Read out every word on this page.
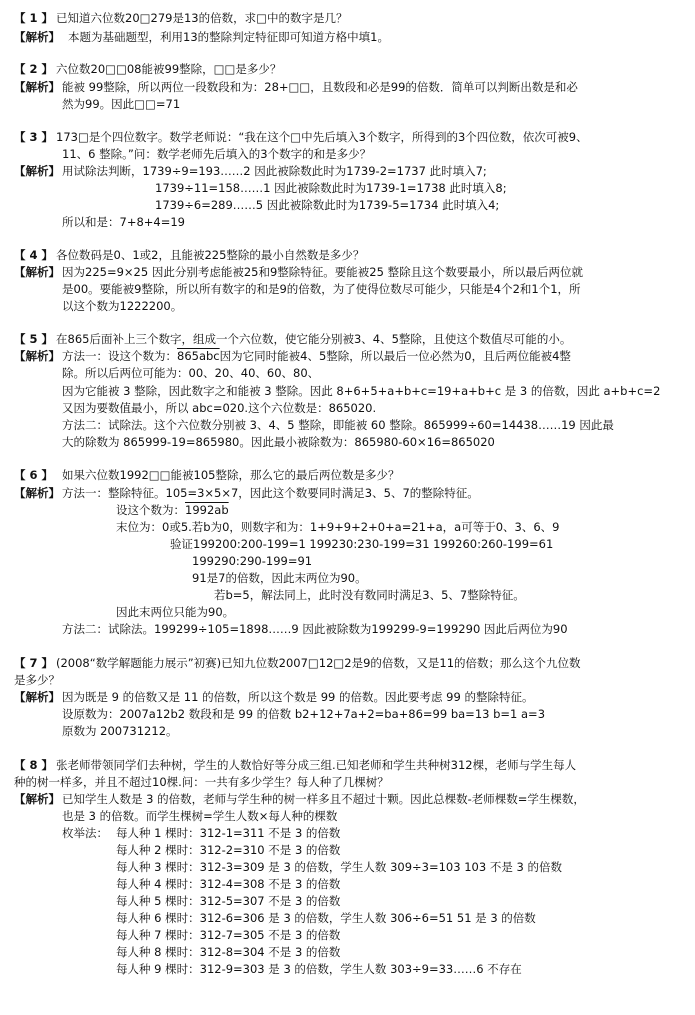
【 1 】 已知道六位数20□279是13的倍数，求□中的数字是几？
【解析】 本题为基础题型，利用13的整除判定特征即可知道方格中填1。
【 2 】 六位数20□□08能被99整除，□□是多少？
【解析】 能被 99整除，所以两位一段数段和为：28+□□，且数段和必是99的倍数．简单可以判断出数是和必
然为99。因此□□=71
【 3 】 173□是个四位数字。数学老师说：“我在这个□中先后填入3个数字，所得到的3个四位数，依次可被9、
11、6 整除。”问：数学老师先后填入的3个数字的和是多少？
【解析】 用试除法判断，1739÷9=193……2 因此被除数此时为1739-2=1737 此时填入7;
1739÷11=158……1 因此被除数此时为1739-1=1738 此时填入8;
1739÷6=289……5 因此被除数此时为1739-5=1734 此时填入4;
所以和是：7+8+4=19
【 4 】 各位数码是0、1或2，且能被225整除的最小自然数是多少？
【解析】 因为225=9×25 因此分别考虑能被25和9整除特征。要能被25 整除且这个数要最小，所以最后两位就
是00。要能被9整除，所以所有数字的和是9的倍数，为了使得位数尽可能少，只能是4个2和1个1，所
以这个数为1222200。
【 5 】 在865后面补上三个数字，组成一个六位数，使它能分别被3、4、5整除，且使这个数值尽可能的小。
【解析】 方法一：设这个数为：865abc因为它同时能被4、5整除，所以最后一位必然为0，且后两位能被4整
除。所以后两位可能为：00、20、40、60、80、
因为它能被 3 整除，因此数字之和能被 3 整除。因此 8+6+5+a+b+c=19+a+b+c 是 3 的倍数，因此 a+b+c=2
又因为要数值最小，所以 abc=020.这个六位数是：865020.
方法二：试除法。这个六位数分别被 3、4、5 整除，即能被 60 整除。865999÷60=14438……19 因此最
大的除数为 865999-19=865980。因此最小被除数为：865980-60×16=865020
【 6 】 如果六位数1992□□能被105整除，那么它的最后两位数是多少？
【解析】 方法一：整除特征。105=3×5×7，因此这个数要同时满足3、5、7的整除特征。
设这个数为：1992ab
末位为：0或5.若b为0，则数字和为：1+9+9+2+0+a=21+a，a可等于0、3、6、9
验证199200:200-199=1 199230:230-199=31 199260:260-199=61
199290:290-199=91
91是7的倍数，因此末两位为90。
若b=5，解法同上，此时没有数同时满足3、5、7整除特征。
因此末两位只能为90。
方法二：试除法。199299÷105=1898……9 因此被除数为199299-9=199290 因此后两位为90
【 7 】 (2008“数学解题能力展示”初赛)已知九位数2007□12□2是9的倍数，又是11的倍数；那么这个九位数
是多少？
【解析】 因为既是 9 的倍数又是 11 的倍数，所以这个数是 99 的倍数。因此要考虑 99 的整除特征。
设原数为：2007a12b2 数段和是 99 的倍数 b2+12+7a+2=ba+86=99 ba=13 b=1 a=3
原数为 200731212。
【 8 】 张老师带领同学们去种树，学生的人数恰好等分成三组.已知老师和学生共种树312棵，老师与学生每人
种的树一样多，并且不超过10棵.问：一共有多少学生？每人种了几棵树？
【解析】 已知学生人数是 3 的倍数，老师与学生种的树一样多且不超过十颗。因此总棵数-老师棵数=学生棵数，
也是 3 的倍数。而学生棵树=学生人数×每人种的棵数
枚举法： 每人种 1 棵时：312-1=311 不是 3 的倍数
每人种 2 棵时：312-2=310 不是 3 的倍数
每人种 3 棵时：312-3=309 是 3 的倍数，学生人数 309÷3=103 103 不是 3 的倍数
每人种 4 棵时：312-4=308 不是 3 的倍数
每人种 5 棵时：312-5=307 不是 3 的倍数
每人种 6 棵时：312-6=306 是 3 的倍数，学生人数 306÷6=51 51 是 3 的倍数
每人种 7 棵时：312-7=305 不是 3 的倍数
每人种 8 棵时：312-8=304 不是 3 的倍数
每人种 9 棵时：312-9=303 是 3 的倍数，学生人数 303÷9=33……6 不存在
